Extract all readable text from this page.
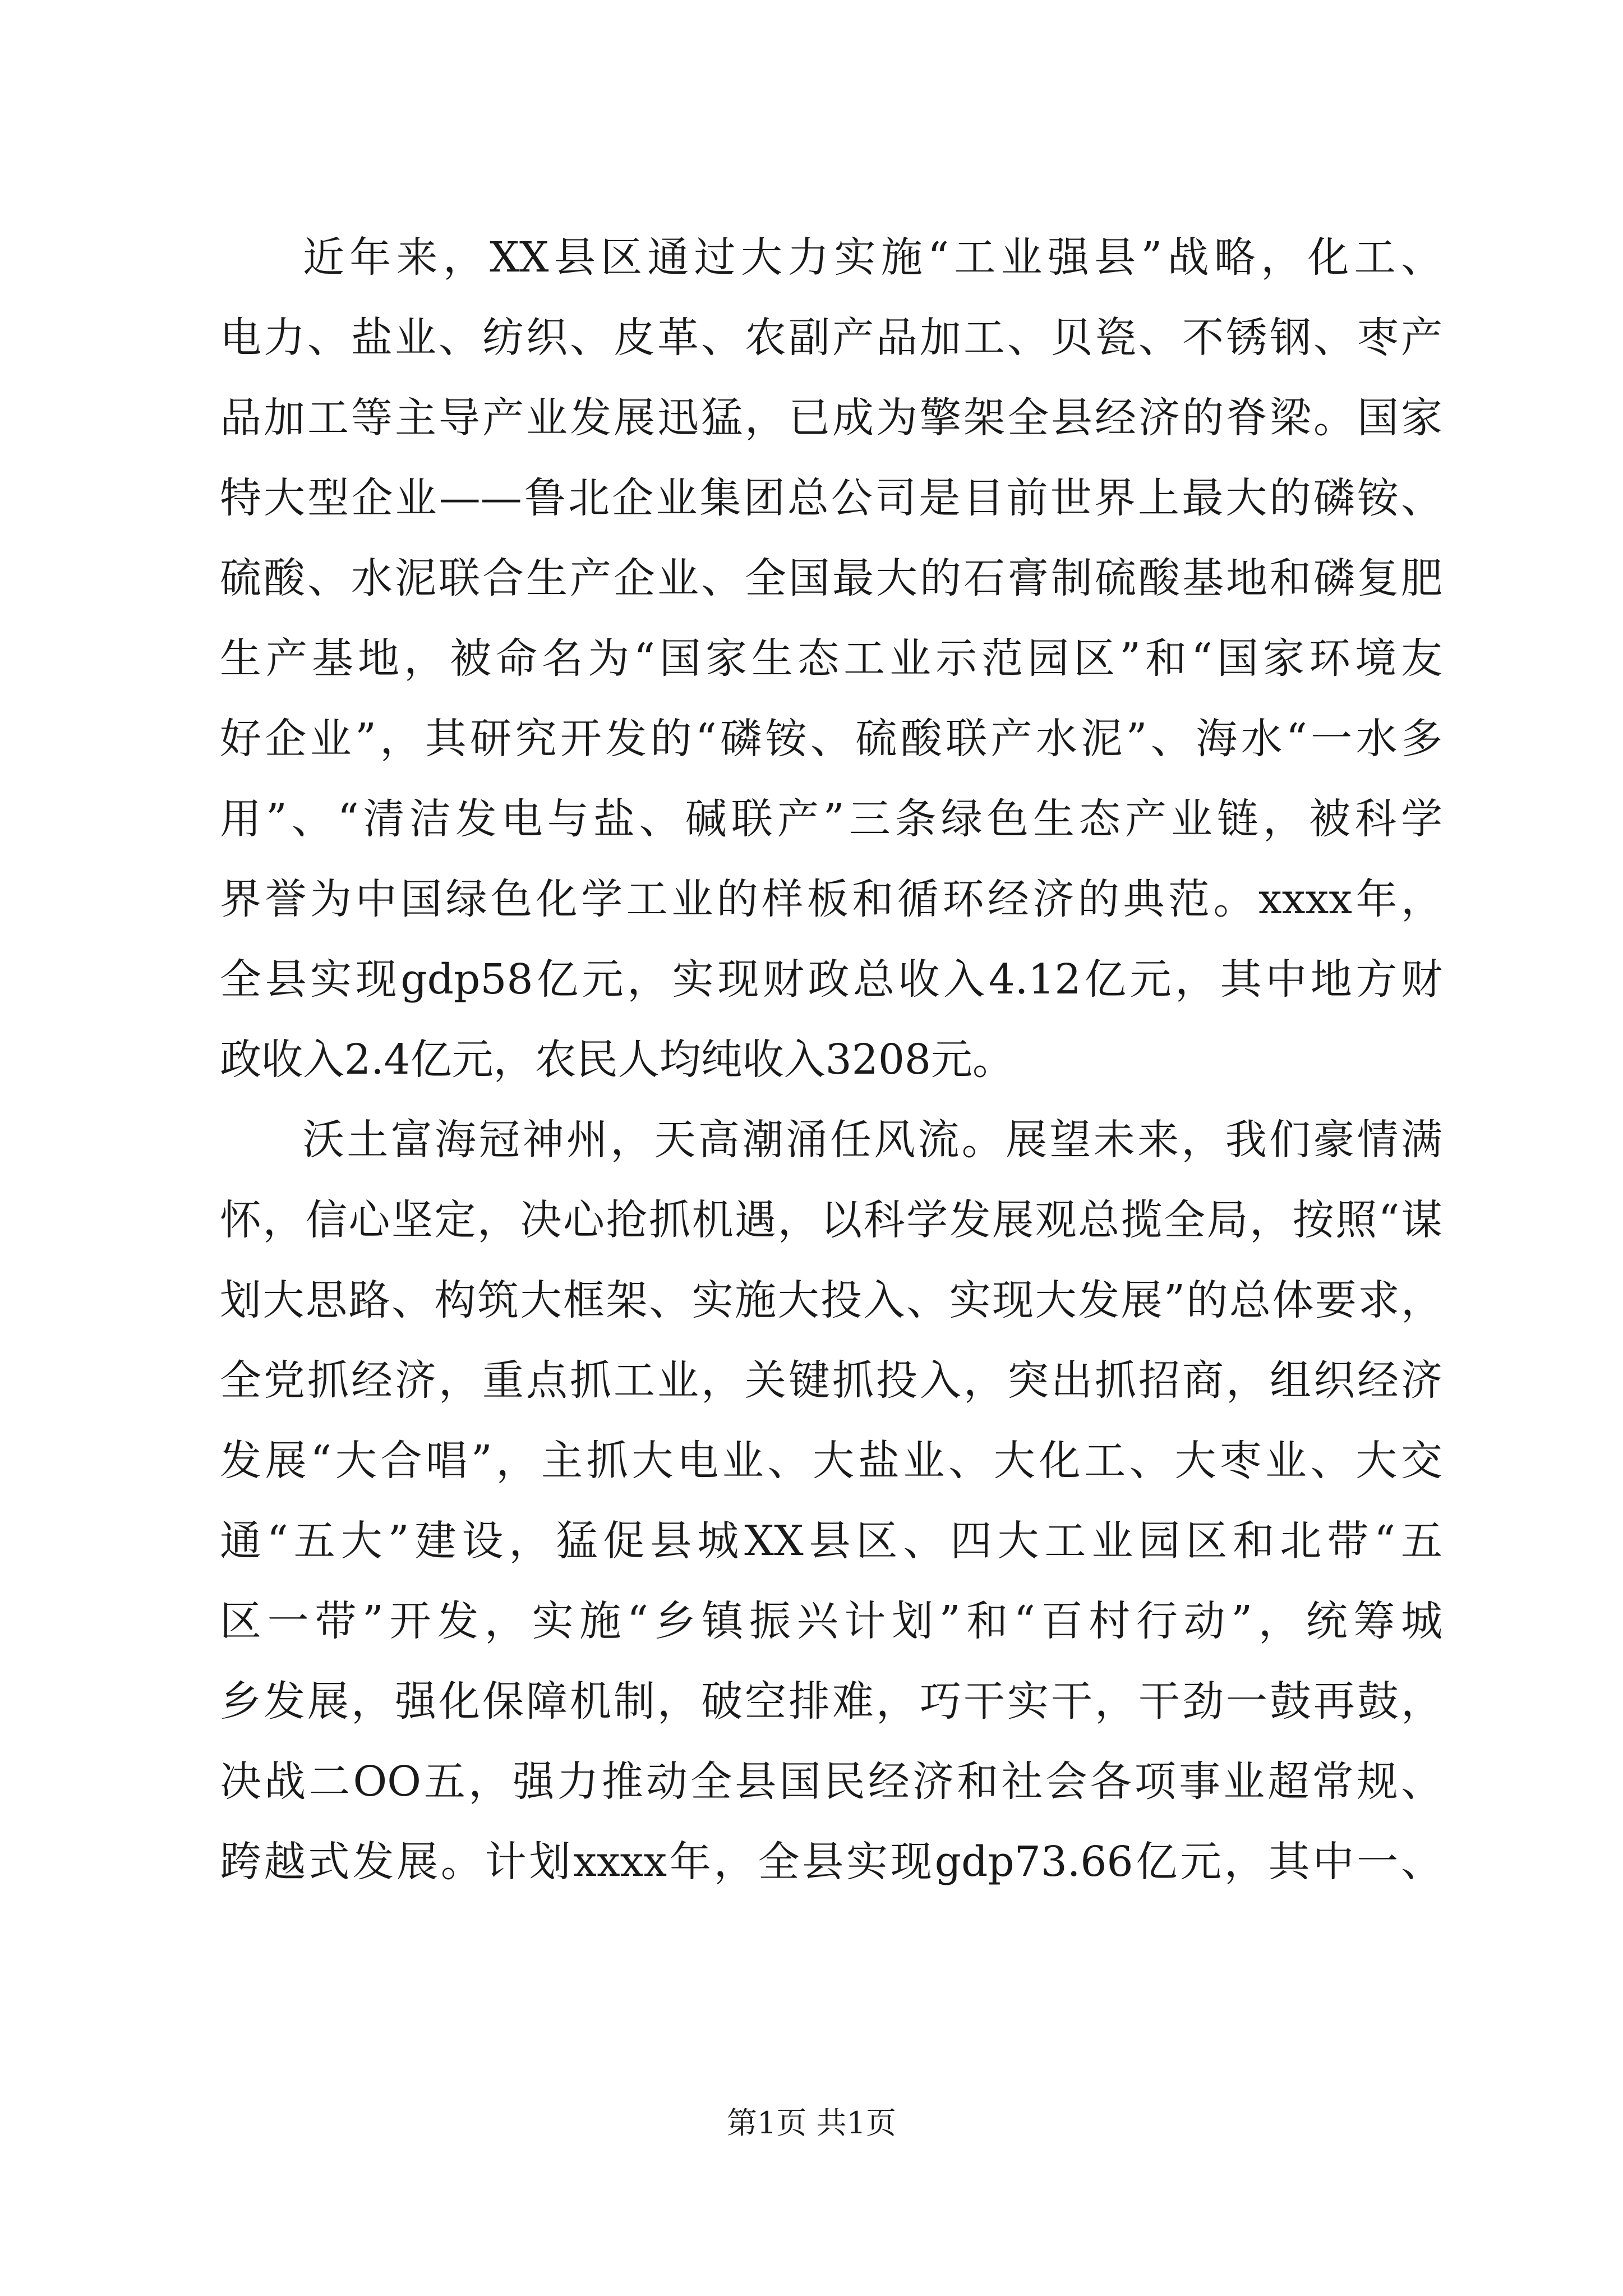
近年来，XX县区通过大力实施“工业强县”战略，化工、
电力、盐业、纺织、皮革、农副产品加工、贝瓷、不锈钢、枣产
品加工等主导产业发展迅猛，已成为擎架全县经济的脊梁。国家
特大型企业——鲁北企业集团总公司是目前世界上最大的磷铵、
硫酸、水泥联合生产企业、全国最大的石膏制硫酸基地和磷复肥
生产基地，被命名为“国家生态工业示范园区”和“国家环境友
好企业”，其研究开发的“磷铵、硫酸联产水泥”、海水“一水多
用”、“清洁发电与盐、碱联产”三条绿色生态产业链，被科学
界誉为中国绿色化学工业的样板和循环经济的典范。xxxx年，
全县实现gdp58亿元，实现财政总收入4.12亿元，其中地方财
政收入2.4亿元，农民人均纯收入3208元。
沃土富海冠神州，天高潮涌任风流。展望未来，我们豪情满
怀，信心坚定，决心抢抓机遇，以科学发展观总揽全局，按照“谋
划大思路、构筑大框架、实施大投入、实现大发展”的总体要求，
全党抓经济，重点抓工业，关键抓投入，突出抓招商，组织经济
发展“大合唱”，主抓大电业、大盐业、大化工、大枣业、大交
通“五大”建设，猛促县城XX县区、四大工业园区和北带“五
区一带”开发，实施“乡镇振兴计划”和“百村行动”，统筹城
乡发展，强化保障机制，破空排难，巧干实干，干劲一鼓再鼓，
决战二OO五，强力推动全县国民经济和社会各项事业超常规、
跨越式发展。计划xxxx年，全县实现gdp73.66亿元，其中一、
第1页 共1页
